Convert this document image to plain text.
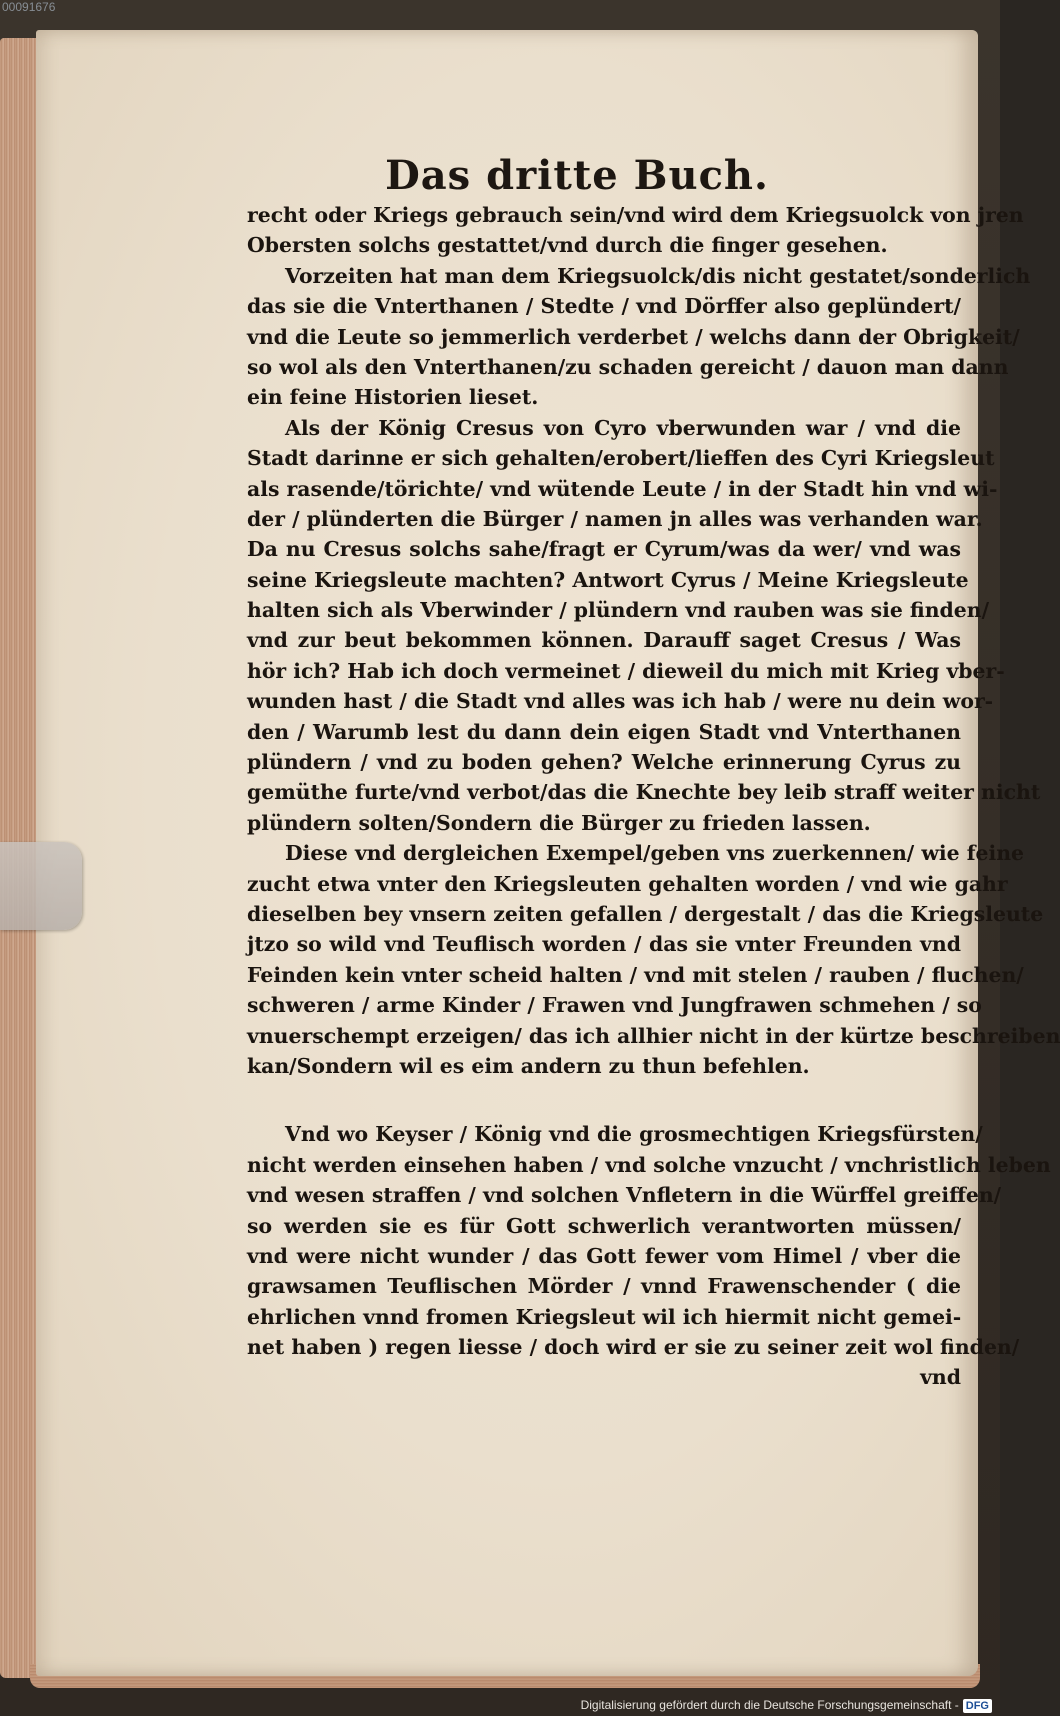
00091676
Das dritte Buch.
recht oder Kriegs gebrauch sein/vnd wird dem Kriegsuolck von jren
Obersten solchs gestattet/vnd durch die finger gesehen.
Vorzeiten hat man dem Kriegsuolck/dis nicht gestatet/sonderlich
das sie die Vnterthanen / Stedte / vnd Dörffer also geplündert/
vnd die Leute so jemmerlich verderbet / welchs dann der Obrigkeit/
so wol als den Vnterthanen/zu schaden gereicht / dauon man dann
ein feine Historien lieset.
Als der König Cresus von Cyro vberwunden war / vnd die
Stadt darinne er sich gehalten/erobert/lieffen des Cyri Kriegsleut
als rasende/törichte/ vnd wütende Leute / in der Stadt hin vnd wi-
der / plünderten die Bürger / namen jn alles was verhanden war.
Da nu Cresus solchs sahe/fragt er Cyrum/was da wer/ vnd was
seine Kriegsleute machten? Antwort Cyrus / Meine Kriegsleute
halten sich als Vberwinder / plündern vnd rauben was sie finden/
vnd zur beut bekommen können. Darauff saget Cresus / Was
hör ich? Hab ich doch vermeinet / dieweil du mich mit Krieg vber-
wunden hast / die Stadt vnd alles was ich hab / were nu dein wor-
den / Warumb lest du dann dein eigen Stadt vnd Vnterthanen
plündern / vnd zu boden gehen? Welche erinnerung Cyrus zu
gemüthe furte/vnd verbot/das die Knechte bey leib straff weiter nicht
plündern solten/Sondern die Bürger zu frieden lassen.
Diese vnd dergleichen Exempel/geben vns zuerkennen/ wie feine
zucht etwa vnter den Kriegsleuten gehalten worden / vnd wie gahr
dieselben bey vnsern zeiten gefallen / dergestalt / das die Kriegsleute
jtzo so wild vnd Teuflisch worden / das sie vnter Freunden vnd
Feinden kein vnter scheid halten / vnd mit stelen / rauben / fluchen/
schweren / arme Kinder / Frawen vnd Jungfrawen schmehen / so
vnuerschempt erzeigen/ das ich allhier nicht in der kürtze beschreiben
kan/Sondern wil es eim andern zu thun befehlen.
Vnd wo Keyser / König vnd die grosmechtigen Kriegsfürsten/
nicht werden einsehen haben / vnd solche vnzucht / vnchristlich leben
vnd wesen straffen / vnd solchen Vnfletern in die Würffel greiffen/
so werden sie es für Gott schwerlich verantworten müssen/
vnd were nicht wunder / das Gott fewer vom Himel / vber die
grawsamen Teuflischen Mörder / vnnd Frawenschender ( die
ehrlichen vnnd fromen Kriegsleut wil ich hiermit nicht gemei-
net haben ) regen liesse / doch wird er sie zu seiner zeit wol finden/
vnd
Digitalisierung gefördert durch die Deutsche Forschungsgemeinschaft - DFG
